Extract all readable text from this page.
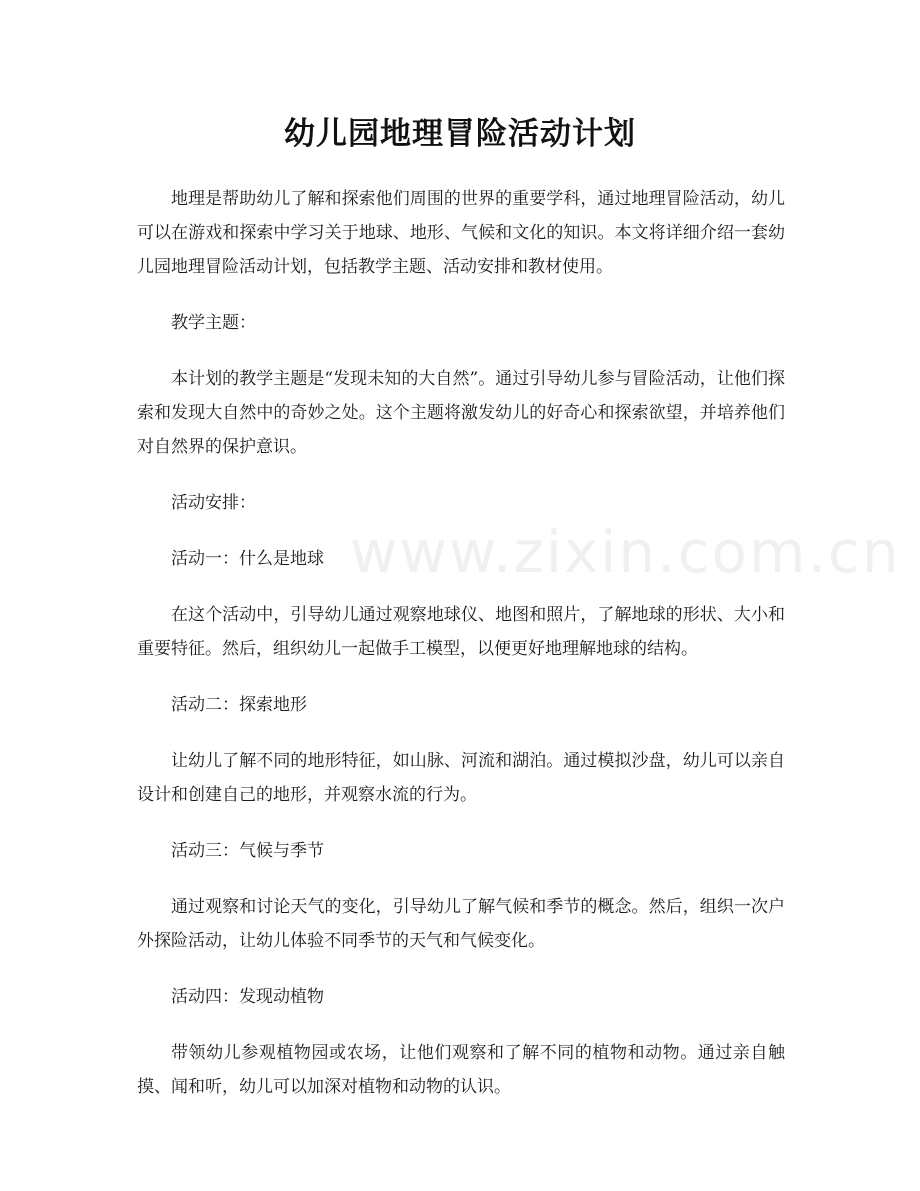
幼儿园地理冒险活动计划
www.zixin.com.cn

地理是帮助幼儿了解和探索他们周围的世界的重要学科，通过地理冒险活动，幼儿可以在游戏和探索中学习关于地球、地形、气候和文化的知识。本文将详细介绍一套幼儿园地理冒险活动计划，包括教学主题、活动安排和教材使用。

教学主题：

本计划的教学主题是“发现未知的大自然”。通过引导幼儿参与冒险活动，让他们探索和发现大自然中的奇妙之处。这个主题将激发幼儿的好奇心和探索欲望，并培养他们对自然界的保护意识。

活动安排：

活动一：什么是地球

在这个活动中，引导幼儿通过观察地球仪、地图和照片，了解地球的形状、大小和重要特征。然后，组织幼儿一起做手工模型，以便更好地理解地球的结构。

活动二：探索地形

让幼儿了解不同的地形特征，如山脉、河流和湖泊。通过模拟沙盘，幼儿可以亲自设计和创建自己的地形，并观察水流的行为。

活动三：气候与季节

通过观察和讨论天气的变化，引导幼儿了解气候和季节的概念。然后，组织一次户外探险活动，让幼儿体验不同季节的天气和气候变化。

活动四：发现动植物

带领幼儿参观植物园或农场，让他们观察和了解不同的植物和动物。通过亲自触摸、闻和听，幼儿可以加深对植物和动物的认识。
